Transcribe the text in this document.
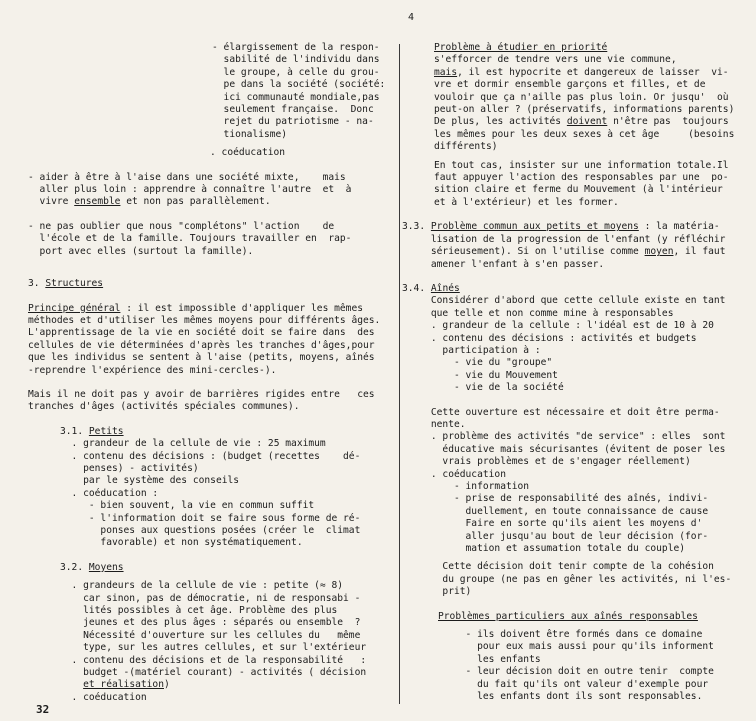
4

- élargissement de la respon-
sabilité de l'individu dans
le groupe, à celle du grou-
pe dans la société (société:
ici communauté mondiale,pas
seulement française.  Donc
rejet du patriotisme - na-
tionalisme)

. coéducation

- aider à être à l'aise dans une société mixte,    mais
aller plus loin : apprendre à connaître l'autre  et  à
vivre ensemble et non pas parallèlement.

- ne pas oublier que nous "complétons" l'action    de
l'école et de la famille. Toujours travailler en  rap-
port avec elles (surtout la famille).

3. Structures

Principe général : il est impossible d'appliquer les mêmes
méthodes et d'utiliser les mêmes moyens pour différents âges.
L'apprentissage de la vie en société doit se faire dans  des
cellules de vie déterminées d'après les tranches d'âges,pour
que les individus se sentent à l'aise (petits, moyens, aînés
-reprendre l'expérience des mini-cercles-).

Mais il ne doit pas y avoir de barrières rigides entre   ces
tranches d'âges (activités spéciales communes).

3.1. Petits

. grandeur de la cellule de vie : 25 maximum
. contenu des décisions : (budget (recettes    dé-
penses) - activités)
par le système des conseils
. coéducation :
- bien souvent, la vie en commun suffit
- l'information doit se faire sous forme de ré-
ponses aux questions posées (créer le  climat
favorable) et non systématiquement.

3.2. Moyens

. grandeurs de la cellule de vie : petite (≈ 8)
car sinon, pas de démocratie, ni de responsabi -
lités possibles à cet âge. Problème des plus
jeunes et des plus âges : séparés ou ensemble  ?
Nécessité d'ouverture sur les cellules du   même
type, sur les autres cellules, et sur l'extérieur
. contenu des décisions et de la responsabilité   :
budget -(matériel courant) - activités ( décision
et réalisation)
. coéducation

Problème à étudier en priorité

s'efforcer de tendre vers une vie commune,
mais, il est hypocrite et dangereux de laisser  vi-
vre et dormir ensemble garçons et filles, et de
vouloir que ça n'aille pas plus loin. Or jusqu'  où
peut-on aller ? (préservatifs, informations parents)
De plus, les activités doivent n'être pas  toujours
les mêmes pour les deux sexes à cet âge     (besoins
différents)

En tout cas, insister sur une information totale.Il
faut appuyer l'action des responsables par une  po-
sition claire et ferme du Mouvement (à l'intérieur
et à l'extérieur) et les former.

3.3. Problème commun aux petits et moyens : la matéria-
lisation de la progression de l'enfant (y réfléchir
sérieusement). Si on l'utilise comme moyen, il faut
amener l'enfant à s'en passer.

3.4. Aînés

Considérer d'abord que cette cellule existe en tant
que telle et non comme mine à responsables
. grandeur de la cellule : l'idéal est de 10 à 20
. contenu des décisions : activités et budgets
participation à :
- vie du "groupe"
- vie du Mouvement
- vie de la société

Cette ouverture est nécessaire et doit être perma-
nente.
. problème des activités "de service" : elles  sont
éducative mais sécurisantes (évitent de poser les
vrais problèmes et de s'engager réellement)
. coéducation
- information
- prise de responsabilité des aînés, indivi-
duellement, en toute connaissance de cause
Faire en sorte qu'ils aient les moyens d'
aller jusqu'au bout de leur décision (for-
mation et assumation totale du couple)

Cette décision doit tenir compte de la cohésion
du groupe (ne pas en gêner les activités, ni l'es-
prit)

Problèmes particuliers aux aînés responsables

- ils doivent être formés dans ce domaine
pour eux mais aussi pour qu'ils informent
les enfants
- leur décision doit en outre tenir  compte
du fait qu'ils ont valeur d'exemple pour
les enfants dont ils sont responsables.

32
